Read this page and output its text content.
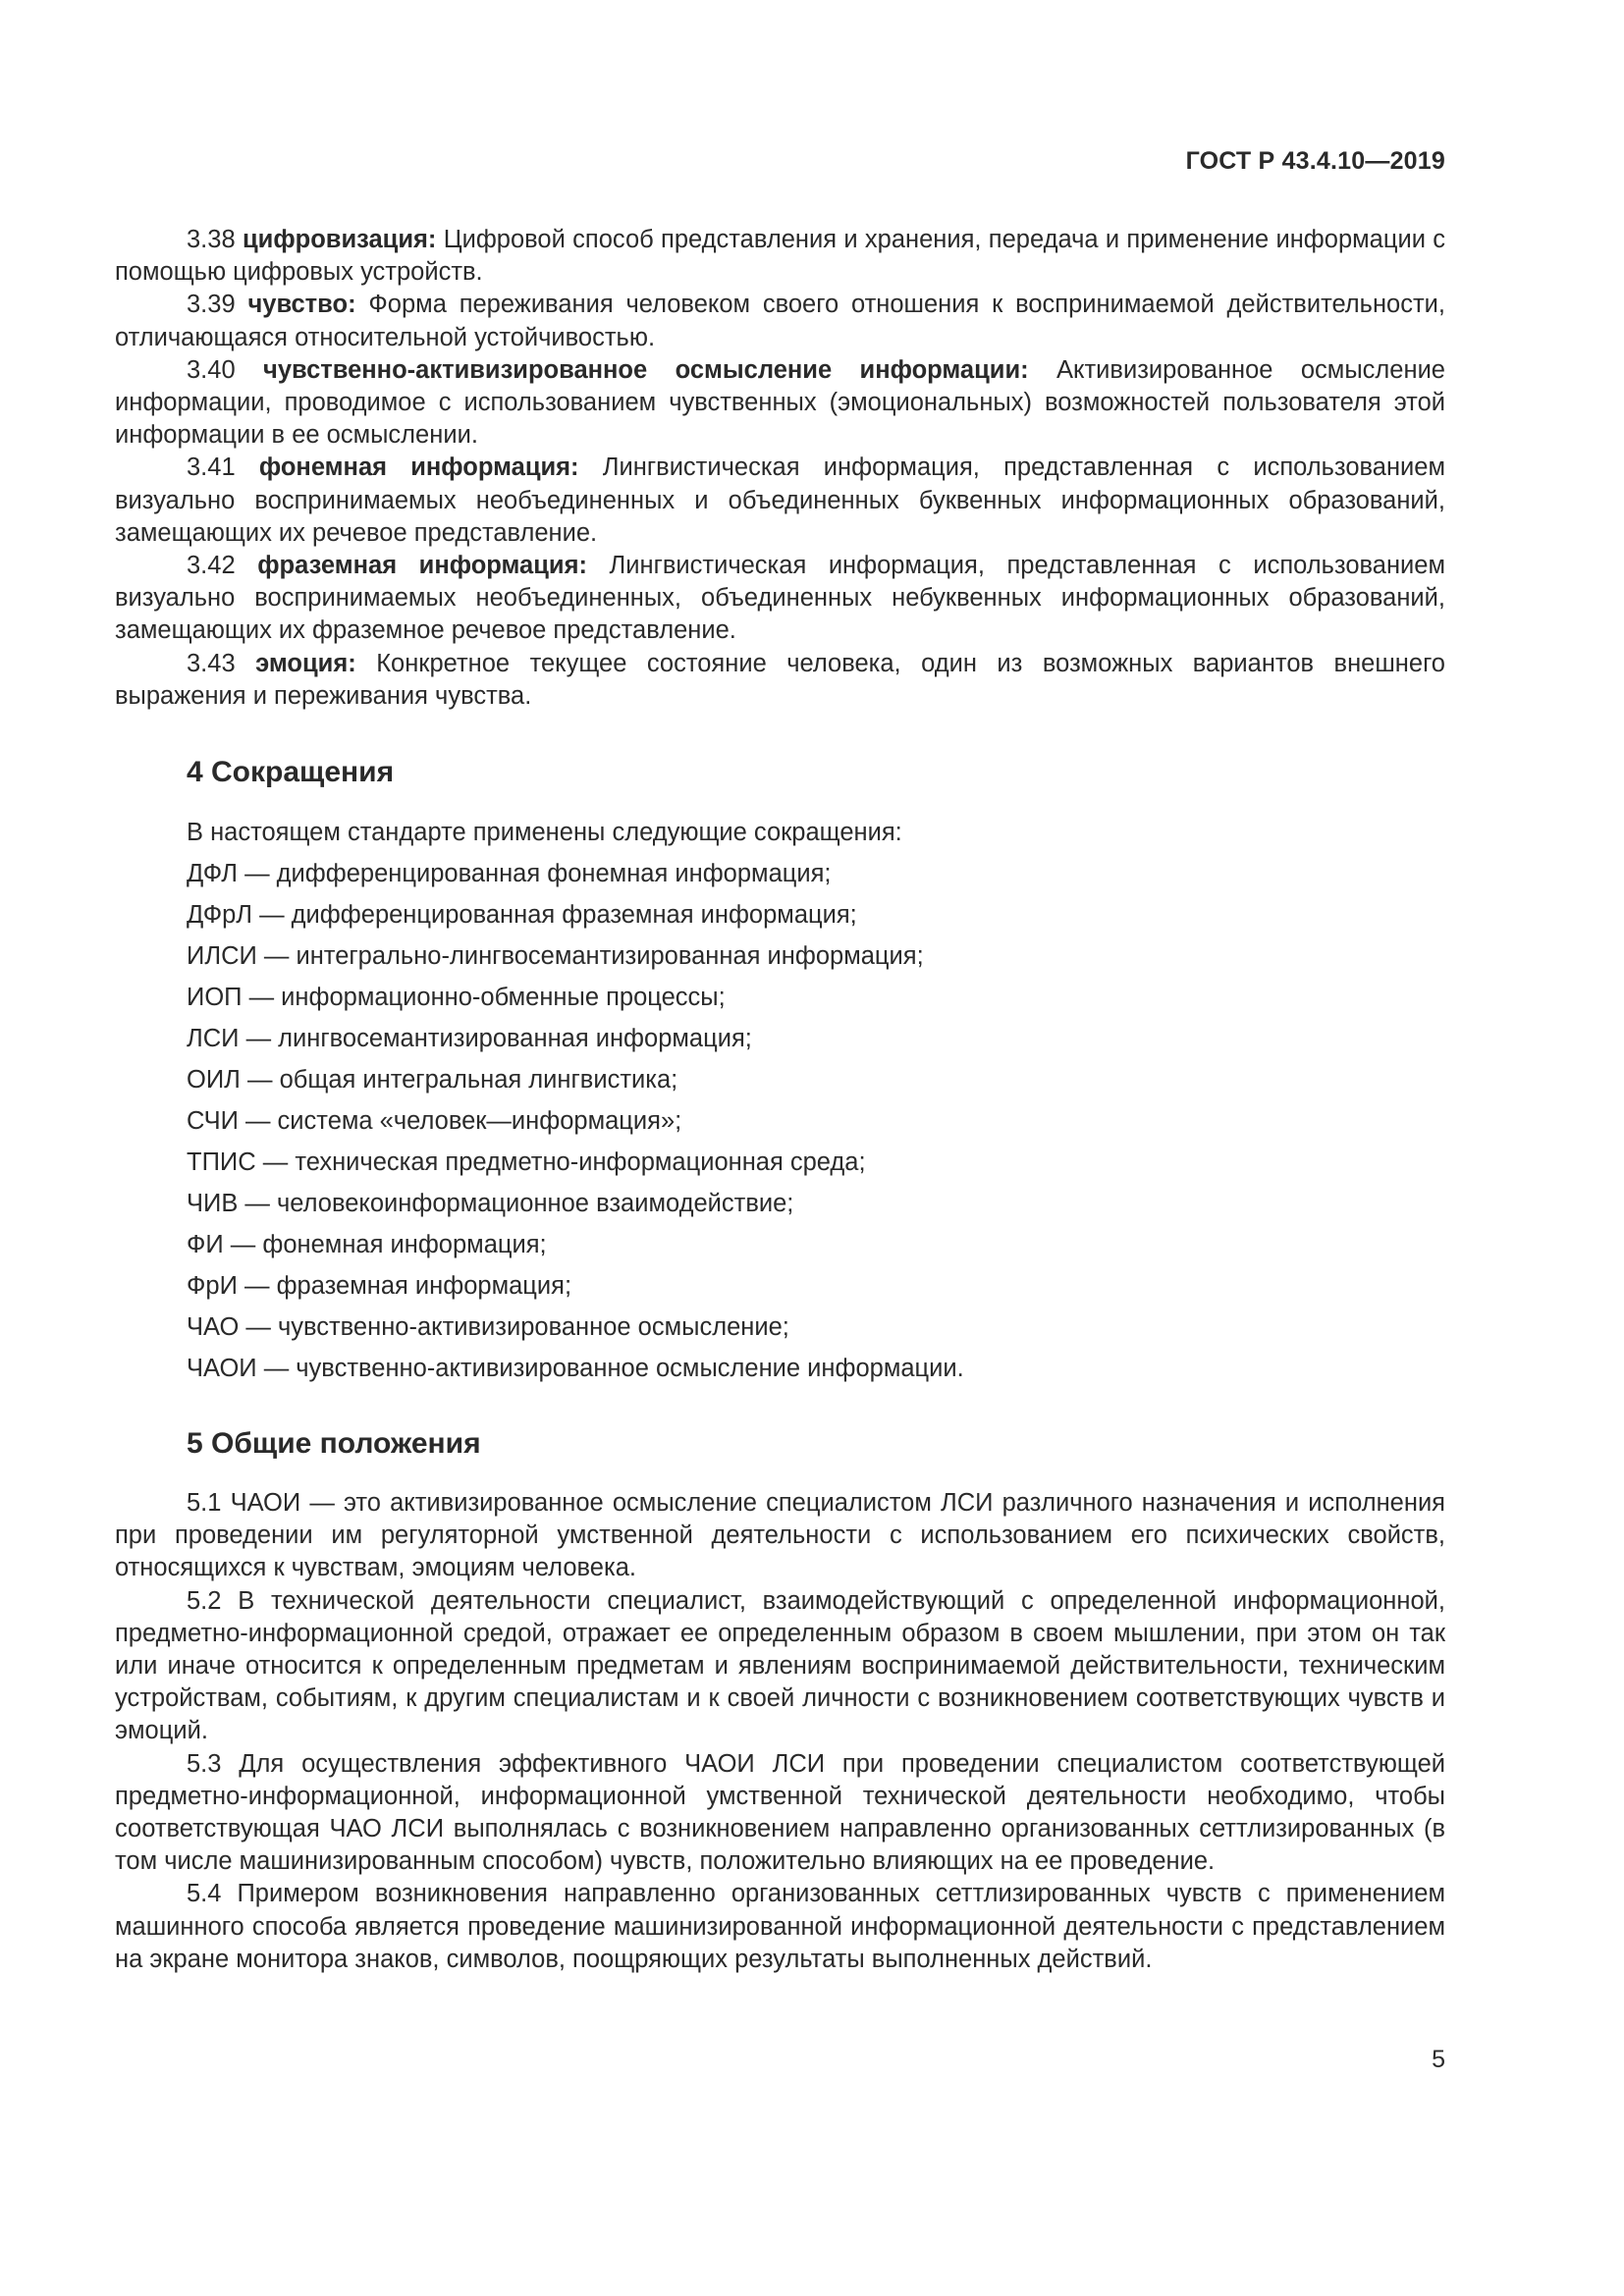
ГОСТ Р 43.4.10—2019

3.38 цифровизация: Цифровой способ представления и хранения, передача и применение информации с помощью цифровых устройств.

3.39 чувство: Форма переживания человеком своего отношения к воспринимаемой действительности, отличающаяся относительной устойчивостью.

3.40 чувственно-активизированное осмысление информации: Активизированное осмысление информации, проводимое с использованием чувственных (эмоциональных) возможностей пользователя этой информации в ее осмыслении.

3.41 фонемная информация: Лингвистическая информация, представленная с использованием визуально воспринимаемых необъединенных и объединенных буквенных информационных образований, замещающих их речевое представление.

3.42 фраземная информация: Лингвистическая информация, представленная с использованием визуально воспринимаемых необъединенных, объединенных небуквенных информационных образований, замещающих их фраземное речевое представление.

3.43 эмоция: Конкретное текущее состояние человека, один из возможных вариантов внешнего выражения и переживания чувства.

4 Сокращения

В настоящем стандарте применены следующие сокращения:

ДФЛ — дифференцированная фонемная информация;

ДФрЛ — дифференцированная фраземная информация;

ИЛСИ — интегрально-лингвосемантизированная информация;

ИОП — информационно-обменные процессы;

ЛСИ — лингвосемантизированная информация;

ОИЛ — общая интегральная лингвистика;

СЧИ — система «человек—информация»;

ТПИС — техническая предметно-информационная среда;

ЧИВ — человекоинформационное взаимодействие;

ФИ — фонемная информация;

ФрИ — фраземная информация;

ЧАО — чувственно-активизированное осмысление;

ЧАОИ — чувственно-активизированное осмысление информации.

5 Общие положения

5.1 ЧАОИ — это активизированное осмысление специалистом ЛСИ различного назначения и исполнения при проведении им регуляторной умственной деятельности с использованием его психических свойств, относящихся к чувствам, эмоциям человека.

5.2 В технической деятельности специалист, взаимодействующий с определенной информационной, предметно-информационной средой, отражает ее определенным образом в своем мышлении, при этом он так или иначе относится к определенным предметам и явлениям воспринимаемой действительности, техническим устройствам, событиям, к другим специалистам и к своей личности с возникновением соответствующих чувств и эмоций.

5.3 Для осуществления эффективного ЧАОИ ЛСИ при проведении специалистом соответствующей предметно-информационной, информационной умственной технической деятельности необходимо, чтобы соответствующая ЧАО ЛСИ выполнялась с возникновением направленно организованных сеттлизированных (в том числе машинизированным способом) чувств, положительно влияющих на ее проведение.

5.4 Примером возникновения направленно организованных сеттлизированных чувств с применением машинного способа является проведение машинизированной информационной деятельности с представлением на экране монитора знаков, символов, поощряющих результаты выполненных действий.

5
